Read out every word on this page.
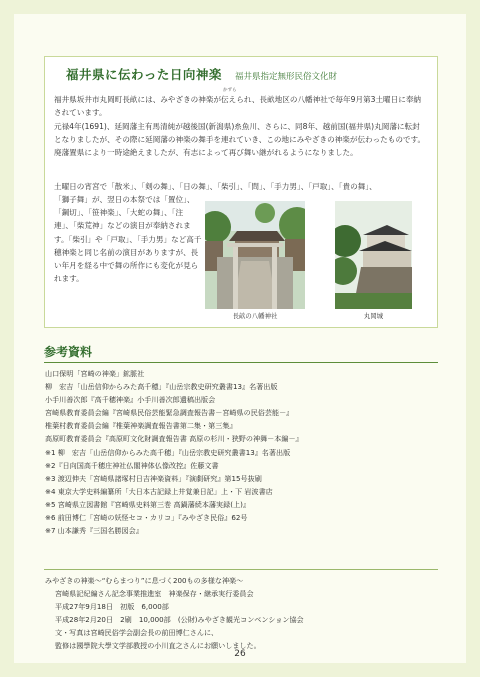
福井県に伝わった日向神楽 福井県指定無形民俗文化財
かずら
福井県坂井市丸岡町長畝には、みやざきの神楽が伝えられ、長畝地区の八幡神社で毎年9月第3土曜日に奉納されています。
元禄4年(1691)、延岡藩主有馬清純が越後国(新潟県)糸魚川、さらに、同8年、越前国(福井県)丸岡藩に転封となりましたが、その際に延岡藩の神楽の舞手を連れていき、この地にみやざきの神楽が伝わったものです。廃藩置県により一時途絶えましたが、有志によって再び舞い継がれるようになりました。
土曜日の宵宮で「散米」、「剣の舞」、「日の舞」、「柴引」、「問」、「手力男」、「戸取」、「貴の舞」、
「獅子舞」が、翌日の本祭では「置位」、「鋼切」、「笹神楽」、「大蛇の舞」、「注連」、「柴荒神」などの演目が奉納されます。「柴引」や「戸取」、「手力男」など高千穂神楽と同じ名前の演目がありますが、長い年月を経る中で舞の所作にも変化が見られます。
長畝の八幡神社	丸岡城
参考資料
山口保明「宮崎の神楽」鉱脈社
柳　宏吉「山岳信仰からみた高千穂」『山岳宗教史研究叢書13』名著出版
小手川善次郎『高千穂神楽』小手川善次郎遺稿出版会
宮崎県教育委員会編『宮崎県民俗芸能緊急調査報告書－宮崎県の民俗芸能－』
椎葉村教育委員会編『椎葉神楽調査報告書第二集・第三集』
高原町教育委員会『高原町文化財調査報告書 高原の杉川・狭野の神舞－本編－』
※1 柳　宏吉「山岳信仰からみた高千穂」『山岳宗教史研究叢書13』名著出版
※2『日向国高千穂庄神社仏閣神体仏像改控』佐藤文書
※3 渡辺伸夫「宮崎県諸塚村日吉神楽資料」『演劇研究』第15号抜刷
※4 東京大学史料編纂所「大日本古記録上井覚兼日記」上・下 岩波書店
※5 宮崎県立図書館『宮崎県史料第三巻 高鍋藩続本藩実録(上)』
※6 前田博仁「宮崎の妖怪セコ・カリコ」『みやざき民俗』62号
※7 山本謙秀『三国名勝図会』
みやざきの神楽～“むらまつり”に息づく200もの多様な神楽～
宮崎県記紀編さん記念事業推進室　神楽保存・継承実行委員会
平成27年9月18日　初版　6,000部
平成28年2月20日　2刷　10,000部　(公財)みやざき観光コンベンション協会
文・写真は宮崎民俗学会副会長の前田博仁さんに、
監修は國學院大學文学部教授の小川直之さんにお願いしました。
26
